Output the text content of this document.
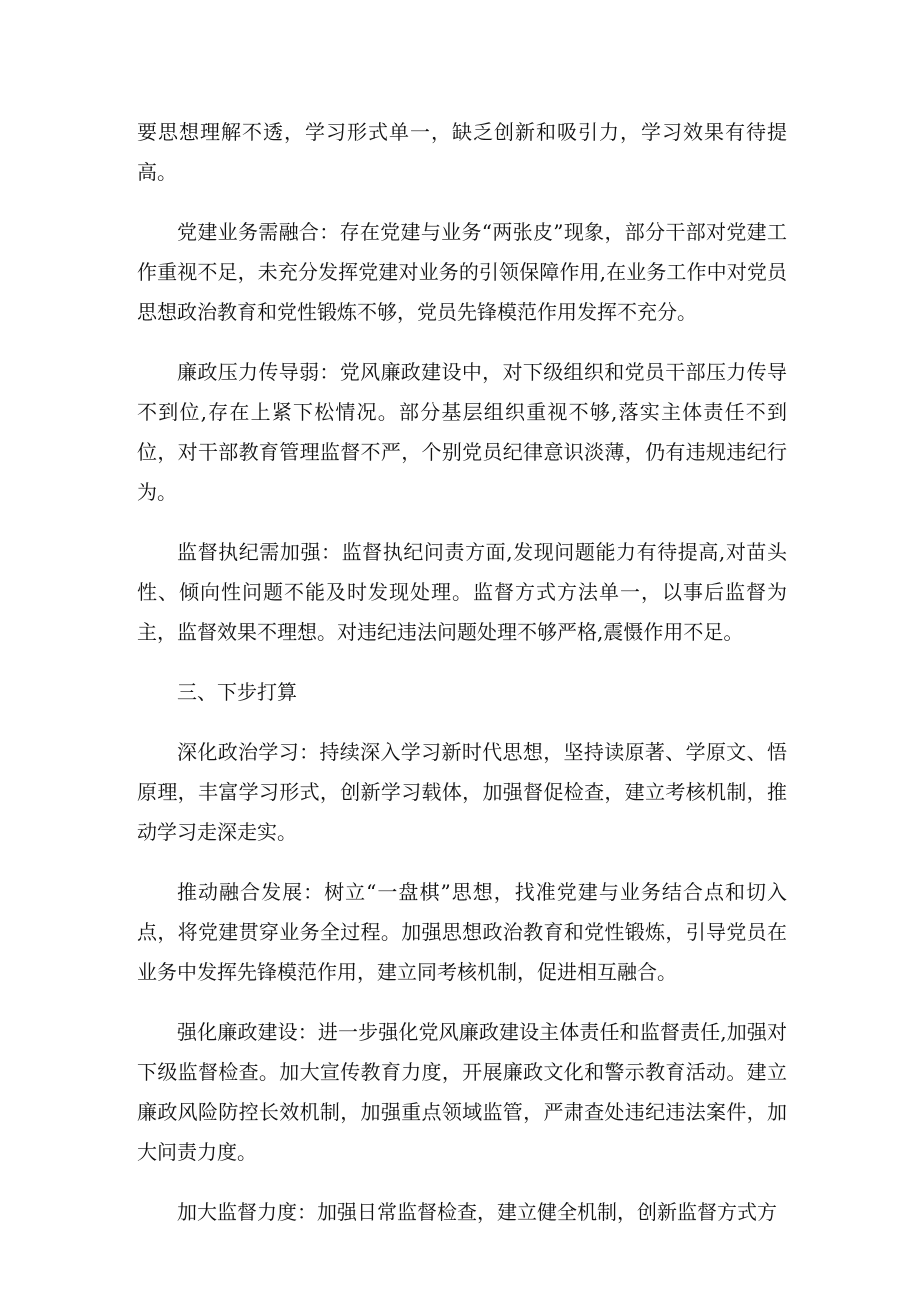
要思想理解不透，学习形式单一，缺乏创新和吸引力，学习效果有待提高。

党建业务需融合：存在党建与业务“两张皮”现象，部分干部对党建工作重视不足，未充分发挥党建对业务的引领保障作用,在业务工作中对党员思想政治教育和党性锻炼不够，党员先锋模范作用发挥不充分。

廉政压力传导弱：党风廉政建设中，对下级组织和党员干部压力传导不到位,存在上紧下松情况。部分基层组织重视不够,落实主体责任不到位，对干部教育管理监督不严，个别党员纪律意识淡薄，仍有违规违纪行为。

监督执纪需加强：监督执纪问责方面,发现问题能力有待提高,对苗头性、倾向性问题不能及时发现处理。监督方式方法单一，以事后监督为主，监督效果不理想。对违纪违法问题处理不够严格,震慑作用不足。

三、下步打算

深化政治学习：持续深入学习新时代思想，坚持读原著、学原文、悟原理，丰富学习形式，创新学习载体，加强督促检查，建立考核机制，推动学习走深走实。

推动融合发展：树立“一盘棋”思想，找准党建与业务结合点和切入点，将党建贯穿业务全过程。加强思想政治教育和党性锻炼，引导党员在业务中发挥先锋模范作用，建立同考核机制，促进相互融合。

强化廉政建设：进一步强化党风廉政建设主体责任和监督责任,加强对下级监督检查。加大宣传教育力度，开展廉政文化和警示教育活动。建立廉政风险防控长效机制，加强重点领域监管，严肃查处违纪违法案件，加大问责力度。

加大监督力度：加强日常监督检查，建立健全机制，创新监督方式方
